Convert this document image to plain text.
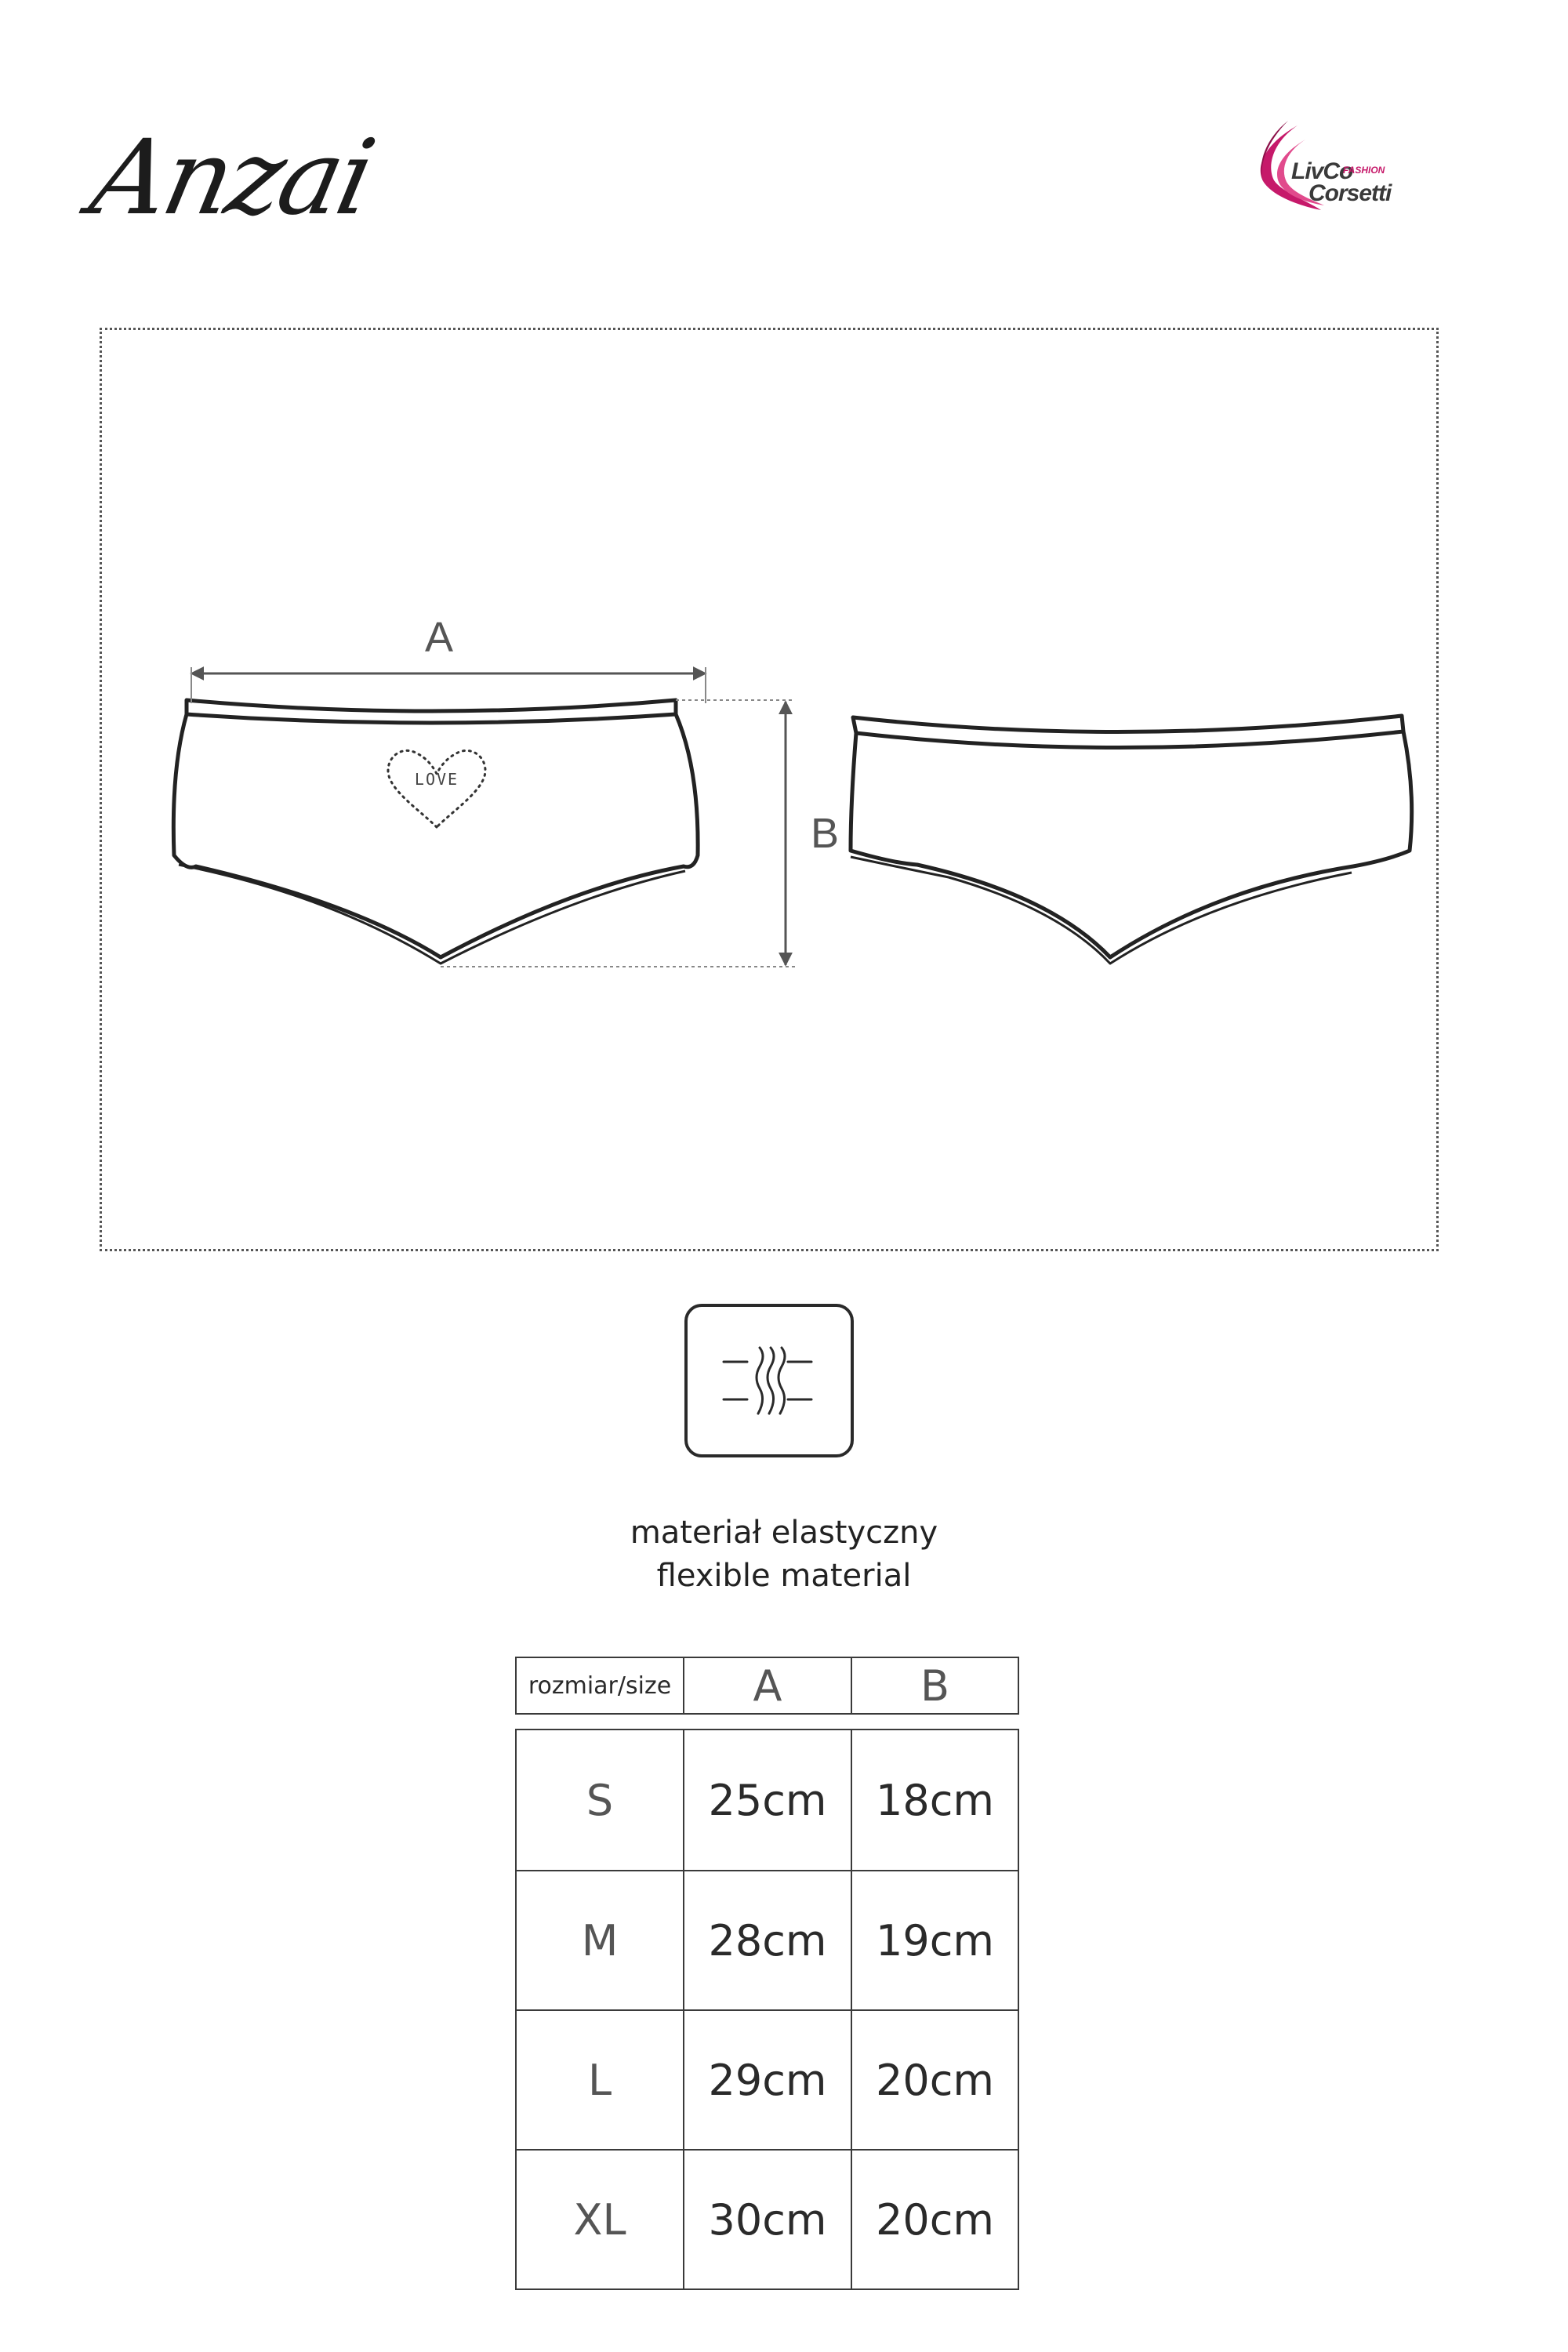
Anzai	LivCo
FASHION
Corsetti
LOVE
A
B
materiał elastyczny
flexible material
rozmiar/size	A	B
S	25cm	18cm
M	28cm	19cm
L	29cm	20cm
XL	30cm	20cm
